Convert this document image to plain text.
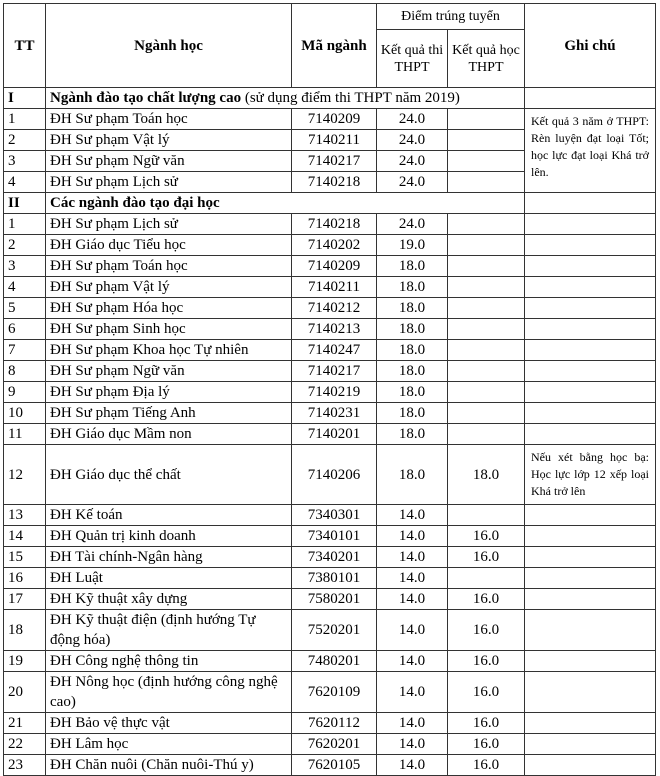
TT	Ngành học	Mã ngành	Điểm trúng tuyển		Ghi chú
			Kết quả thi THPT	Kết quả học THPT	
I	Ngành đào tạo chất lượng cao (sử dụng điểm thi THPT năm 2019)				
1	ĐH Sư phạm Toán học	7140209	24.0		Kết quả 3 năm ở THPT: Rèn luyện đạt loại Tốt; học lực đạt loại Khá trở lên.
2	ĐH Sư phạm Vật lý	7140211	24.0		
3	ĐH Sư phạm Ngữ văn	7140217	24.0		
4	ĐH Sư phạm Lịch sử	7140218	24.0		
II	Các ngành đào tạo đại học				
1	ĐH Sư phạm Lịch sử	7140218	24.0		
2	ĐH Giáo dục Tiểu học	7140202	19.0		
3	ĐH Sư phạm Toán học	7140209	18.0		
4	ĐH Sư phạm Vật lý	7140211	18.0		
5	ĐH Sư phạm Hóa học	7140212	18.0		
6	ĐH Sư phạm Sinh học	7140213	18.0		
7	ĐH Sư phạm Khoa học Tự nhiên	7140247	18.0		
8	ĐH Sư phạm Ngữ văn	7140217	18.0		
9	ĐH Sư phạm Địa lý	7140219	18.0		
10	ĐH Sư phạm Tiếng Anh	7140231	18.0		
11	ĐH Giáo dục Mầm non	7140201	18.0		
12	ĐH Giáo dục thể chất	7140206	18.0	18.0	Nếu xét bằng học bạ: Học lực lớp 12 xếp loại Khá trở lên
13	ĐH Kế toán	7340301	14.0		
14	ĐH Quản trị kinh doanh	7340101	14.0	16.0	
15	ĐH Tài chính-Ngân hàng	7340201	14.0	16.0	
16	ĐH Luật	7380101	14.0		
17	ĐH Kỹ thuật xây dựng	7580201	14.0	16.0	
18	ĐH Kỹ thuật điện (định hướng Tự động hóa)	7520201	14.0	16.0	
19	ĐH Công nghệ thông tin	7480201	14.0	16.0	
20	ĐH Nông học (định hướng công nghệ cao)	7620109	14.0	16.0	
21	ĐH Bảo vệ thực vật	7620112	14.0	16.0	
22	ĐH Lâm học	7620201	14.0	16.0	
23	ĐH Chăn nuôi (Chăn nuôi-Thú y)	7620105	14.0	16.0	
